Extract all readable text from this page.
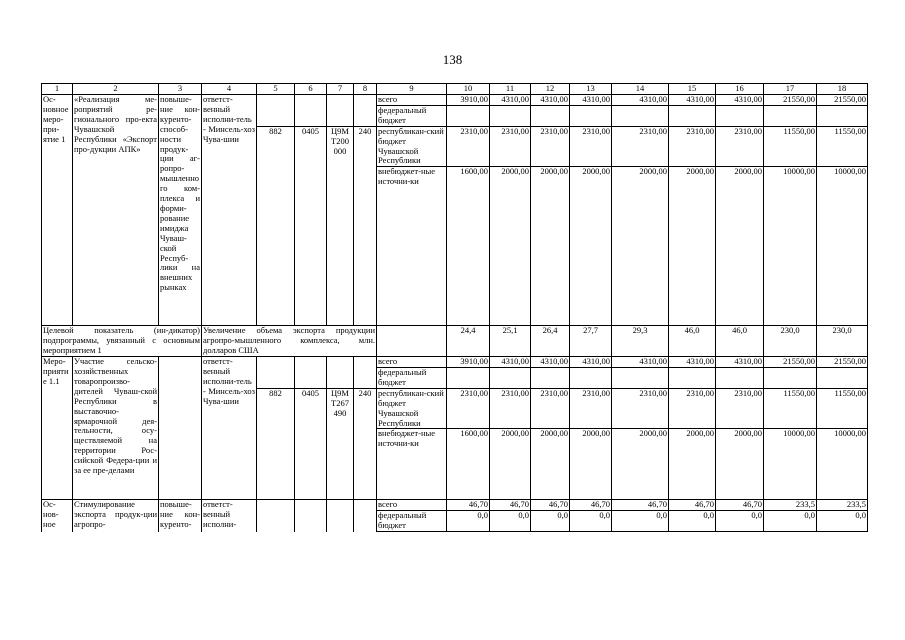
138
1	2	3	4	5	6	7	8	9	10	11	12	13	14	15	16	17	18
Ос-новное меро-при-ятие 1	«Реализация ме-роприятий ре-гионального про-екта Чувашской Республики «Экспорт про-дукции АПК»	повыше-ние кон-куренто-способ-ности продук-ции аг-ропро-мышленного ком-плекса и форми-рование имиджа Чуваш-ской Респуб-лики на внешних рынках	ответст-венный исполни-тель - Минсель-хоз Чува-шии					всего	3910,00	4310,00	4310,00	4310,00	4310,00	4310,00	4310,00	21550,00	21550,00
								федеральный бюджет									
				882	0405	Ц9М Т200 000	240	республикан-ский бюджет Чувашской Республики	2310,00	2310,00	2310,00	2310,00	2310,00	2310,00	2310,00	11550,00	11550,00
								внебюджет-ные источни-ки	1600,00	2000,00	2000,00	2000,00	2000,00	2000,00	2000,00	10000,00	10000,00
Целевой показатель (ин-дикатор) подпрограммы, увязанный с основным мероприятием 1			Увеличение объема экспорта продукции агропро-мышленного комплекса, млн. долларов США						24,4	25,1	26,4	27,7	29,3	46,0	46,0	230,0	230,0
Меро-приятие 1.1	Участие сельско-хозяйственных товаропроизво-дителей Чуваш-ской Республики в выставочно-ярмарочной дея-тельности, осу-ществляемой на территории Рос-сийской Федера-ции и за ее пре-делами		ответст-венный исполни-тель - Минсель-хоз Чува-шии					всего	3910,00	4310,00	4310,00	4310,00	4310,00	4310,00	4310,00	21550,00	21550,00
								федеральный бюджет									
				882	0405	Ц9М Т267 490	240	республикан-ский бюджет Чувашской Республики	2310,00	2310,00	2310,00	2310,00	2310,00	2310,00	2310,00	11550,00	11550,00
								внебюджет-ные источни-ки	1600,00	2000,00	2000,00	2000,00	2000,00	2000,00	2000,00	10000,00	10000,00
Ос-нов-ное	Стимулирование экспорта продук-ции агропро-	повыше-ние кон-куренто-	ответст-венный исполни-					всего	46,70	46,70	46,70	46,70	46,70	46,70	46,70	233,5	233,5
								федеральный бюджет	0,0	0,0	0,0	0,0	0,0	0,0	0,0	0,0	0,0
